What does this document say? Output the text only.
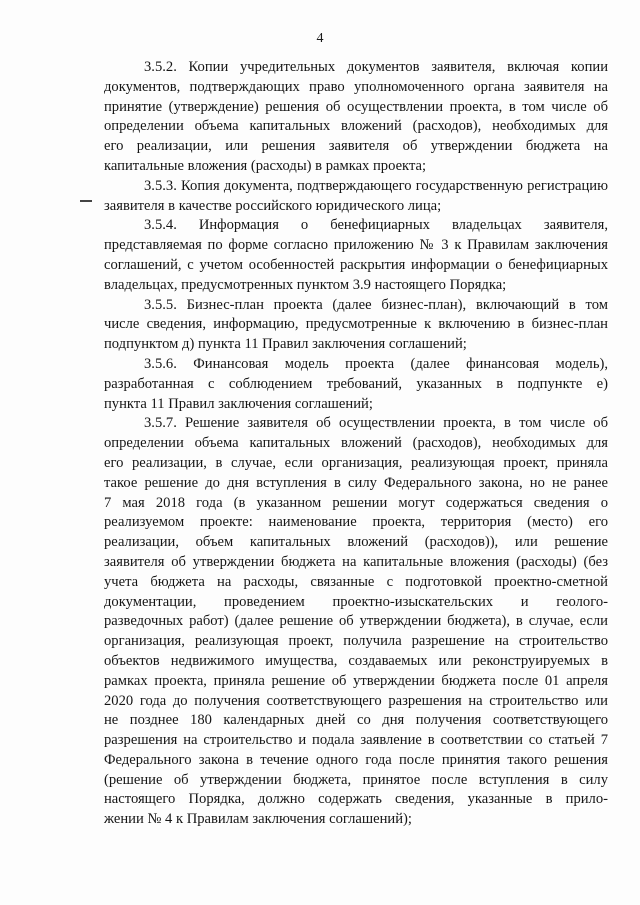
4
3.5.2. Копии учредительных документов заявителя, включая копии
документов, подтверждающих право уполномоченного органа заявителя на
принятие (утверждение) решения об осуществлении проекта, в том числе об
определении объема капитальных вложений (расходов), необходимых для
его реализации, или решения заявителя об утверждении бюджета на
капитальные вложения (расходы) в рамках проекта;
3.5.3. Копия документа, подтверждающего государственную регистрацию
заявителя в качестве российского юридического лица;
3.5.4. Информация о бенефициарных владельцах заявителя,
представляемая по форме согласно приложению № 3 к Правилам заключения
соглашений, с учетом особенностей раскрытия информации о бенефициарных
владельцах, предусмотренных пунктом 3.9 настоящего Порядка;
3.5.5. Бизнес-план проекта (далее бизнес-план), включающий в том
числе сведения, информацию, предусмотренные к включению в бизнес-план
подпунктом д) пункта 11 Правил заключения соглашений;
3.5.6. Финансовая модель проекта (далее финансовая модель),
разработанная с соблюдением требований, указанных в подпункте е)
пункта 11 Правил заключения соглашений;
3.5.7. Решение заявителя об осуществлении проекта, в том числе об
определении объема капитальных вложений (расходов), необходимых для
его реализации, в случае, если организация, реализующая проект, приняла
такое решение до дня вступления в силу Федерального закона, но не ранее
7 мая 2018 года (в указанном решении могут содержаться сведения о
реализуемом проекте: наименование проекта, территория (место) его
реализации, объем капитальных вложений (расходов)), или решение
заявителя об утверждении бюджета на капитальные вложения (расходы) (без
учета бюджета на расходы, связанные с подготовкой проектно-сметной
документации, проведением проектно-изыскательских и геолого-
разведочных работ) (далее решение об утверждении бюджета), в случае, если
организация, реализующая проект, получила разрешение на строительство
объектов недвижимого имущества, создаваемых или реконструируемых в
рамках проекта, приняла решение об утверждении бюджета после 01 апреля
2020 года до получения соответствующего разрешения на строительство или
не позднее 180 календарных дней со дня получения соответствующего
разрешения на строительство и подала заявление в соответствии со статьей 7
Федерального закона в течение одного года после принятия такого решения
(решение об утверждении бюджета, принятое после вступления в силу
настоящего Порядка, должно содержать сведения, указанные в прило-
жении № 4 к Правилам заключения соглашений);
